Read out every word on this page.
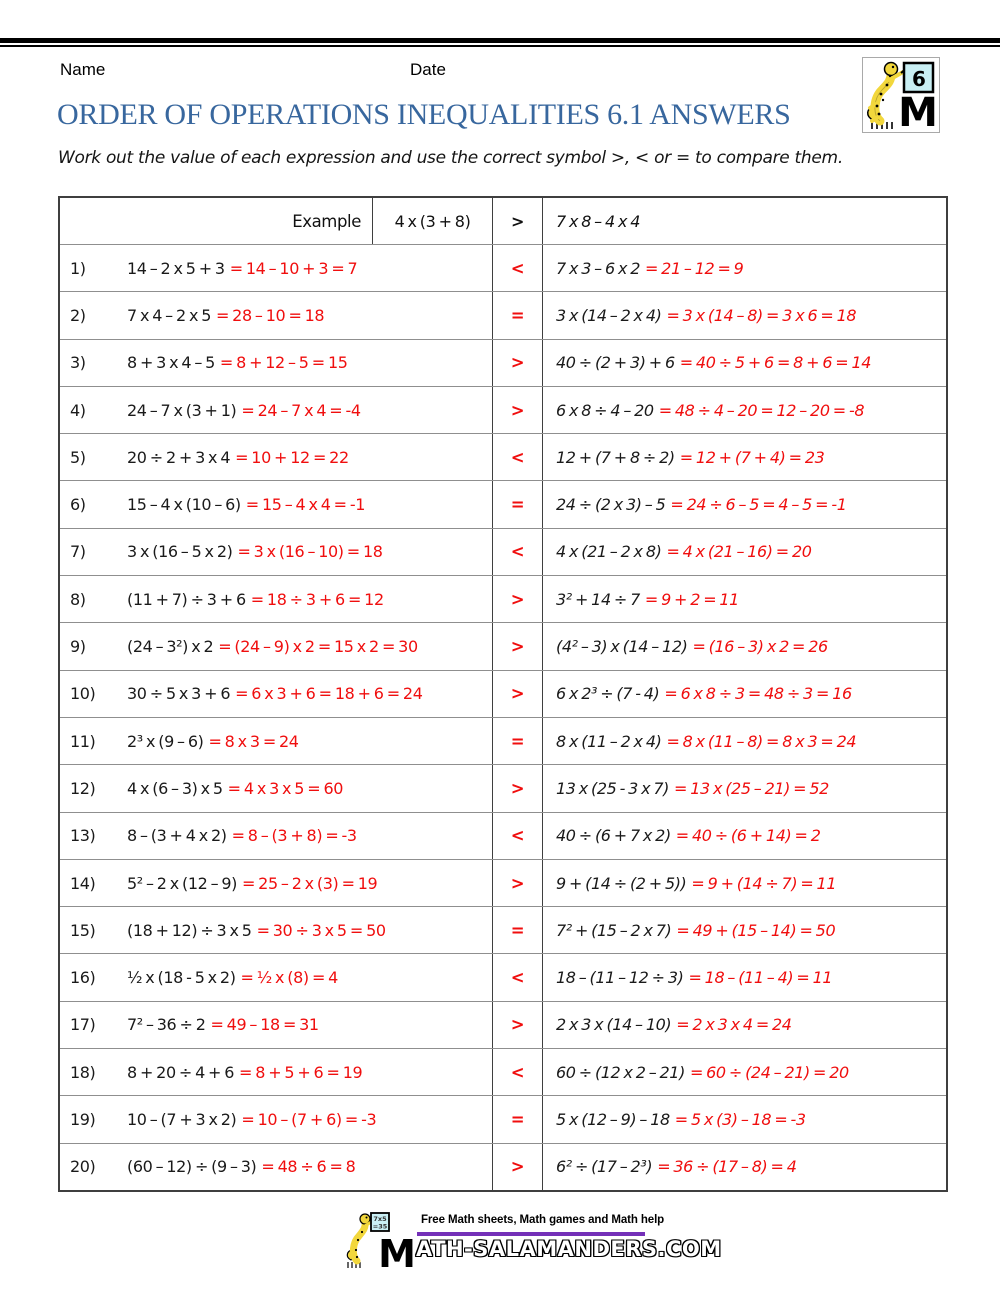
Name	Date	6
M
ORDER OF OPERATIONS INEQUALITIES 6.1 ANSWERS
Work out the value of each expression and use the correct symbol >, < or = to compare them.
Example	4 x (3 + 8)	>	7 x 8 – 4 x 4
1)	14 – 2 x 5 + 3 = 14 – 10 + 3 = 7	<	7 x 3 – 6 x 2 = 21 – 12 = 9
2)	7 x 4 – 2 x 5 = 28 – 10 = 18	=	3 x (14 – 2 x 4) = 3 x (14 – 8) = 3 x 6 = 18
3)	8 + 3 x 4 – 5 = 8 + 12 – 5 = 15	>	40 ÷ (2 + 3) + 6 = 40 ÷ 5 + 6 = 8 + 6 = 14
4)	24 – 7 x (3 + 1) = 24 – 7 x 4 = -4	>	6 x 8 ÷ 4 – 20 = 48 ÷ 4 – 20 = 12 – 20 = -8
5)	20 ÷ 2 + 3 x 4 = 10 + 12 = 22	<	12 + (7 + 8 ÷ 2) = 12 + (7 + 4) = 23
6)	15 – 4 x (10 – 6) = 15 – 4 x 4 = -1	=	24 ÷ (2 x 3) – 5 = 24 ÷ 6 – 5 = 4 – 5 = -1
7)	3 x (16 – 5 x 2) = 3 x (16 – 10) = 18	<	4 x (21 – 2 x 8) = 4 x (21 – 16) = 20
8)	(11 + 7) ÷ 3 + 6 = 18 ÷ 3 + 6 = 12	>	3² + 14 ÷ 7 = 9 + 2 = 11
9)	(24 – 3²) x 2 = (24 – 9) x 2 = 15 x 2 = 30	>	(4² – 3) x (14 – 12) = (16 – 3) x 2 = 26
10)	30 ÷ 5 x 3 + 6 = 6 x 3 + 6 = 18 + 6 = 24	>	6 x 2³ ÷ (7 - 4) = 6 x 8 ÷ 3 = 48 ÷ 3 = 16
11)	2³ x (9 – 6) = 8 x 3 = 24	=	8 x (11 – 2 x 4) = 8 x (11 – 8) = 8 x 3 = 24
12)	4 x (6 – 3) x 5 = 4 x 3 x 5 = 60	>	13 x (25 - 3 x 7) = 13 x (25 – 21) = 52
13)	8 – (3 + 4 x 2) = 8 – (3 + 8) = -3	<	40 ÷ (6 + 7 x 2) = 40 ÷ (6 + 14) = 2
14)	5² – 2 x (12 – 9) = 25 – 2 x (3) = 19	>	9 + (14 ÷ (2 + 5)) = 9 + (14 ÷ 7) = 11
15)	(18 + 12) ÷ 3 x 5 = 30 ÷ 3 x 5 = 50	=	7² + (15 – 2 x 7) = 49 + (15 – 14) = 50
16)	½ x (18 - 5 x 2) = ½ x (8) = 4	<	18 – (11 – 12 ÷ 3) = 18 – (11 – 4) = 11
17)	7² – 36 ÷ 2 = 49 – 18 = 31	>	2 x 3 x (14 – 10) = 2 x 3 x 4 = 24
18)	8 + 20 ÷ 4 + 6 = 8 + 5 + 6 = 19	<	60 ÷ (12 x 2 – 21) = 60 ÷ (24 – 21) = 20
19)	10 – (7 + 3 x 2) = 10 – (7 + 6) = -3	=	5 x (12 – 9) – 18 = 5 x (3) – 18 = -3
20)	(60 – 12) ÷ (9 – 3) = 48 ÷ 6 = 8	>	6² ÷ (17 – 2³) = 36 ÷ (17 – 8) = 4
7x5
=35
M
Free Math sheets, Math games and Math help
ATH-SALAMANDERS.COM
